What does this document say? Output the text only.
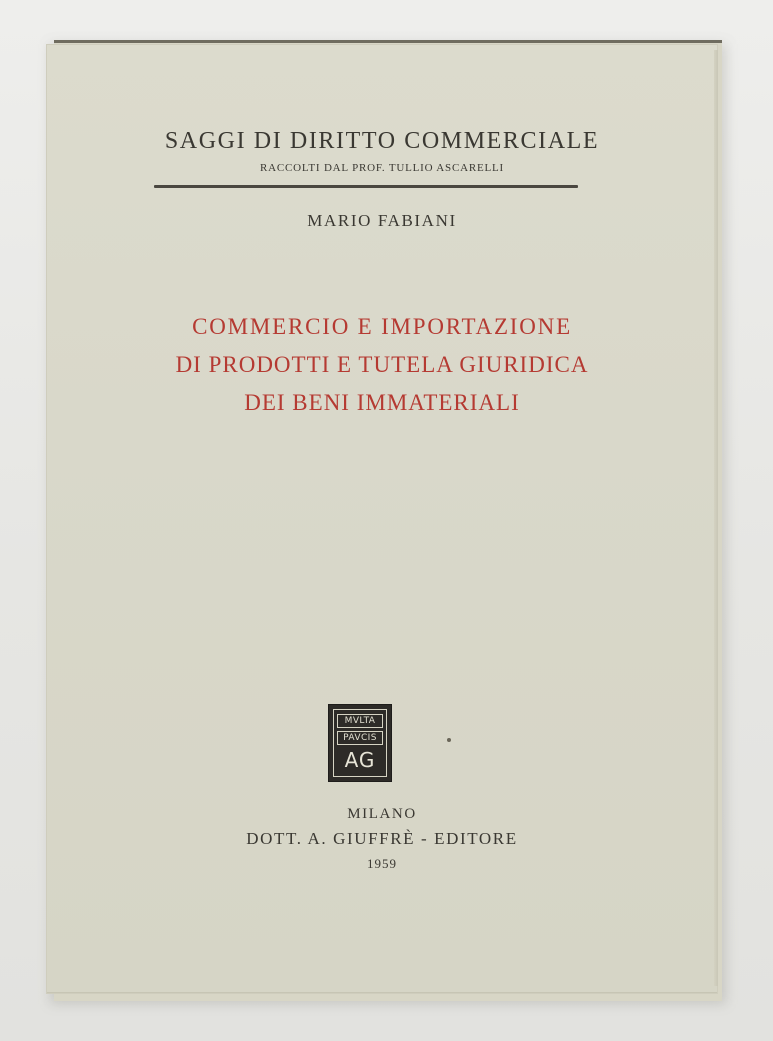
SAGGI DI DIRITTO COMMERCIALE
RACCOLTI DAL PROF. TULLIO ASCARELLI
MARIO FABIANI
COMMERCIO E IMPORTAZIONE
DI PRODOTTI E TUTELA GIURIDICA
DEI BENI IMMATERIALI
MVLTA
PAVCIS
AG
MILANO
DOTT. A. GIUFFRÈ - EDITORE
1959
